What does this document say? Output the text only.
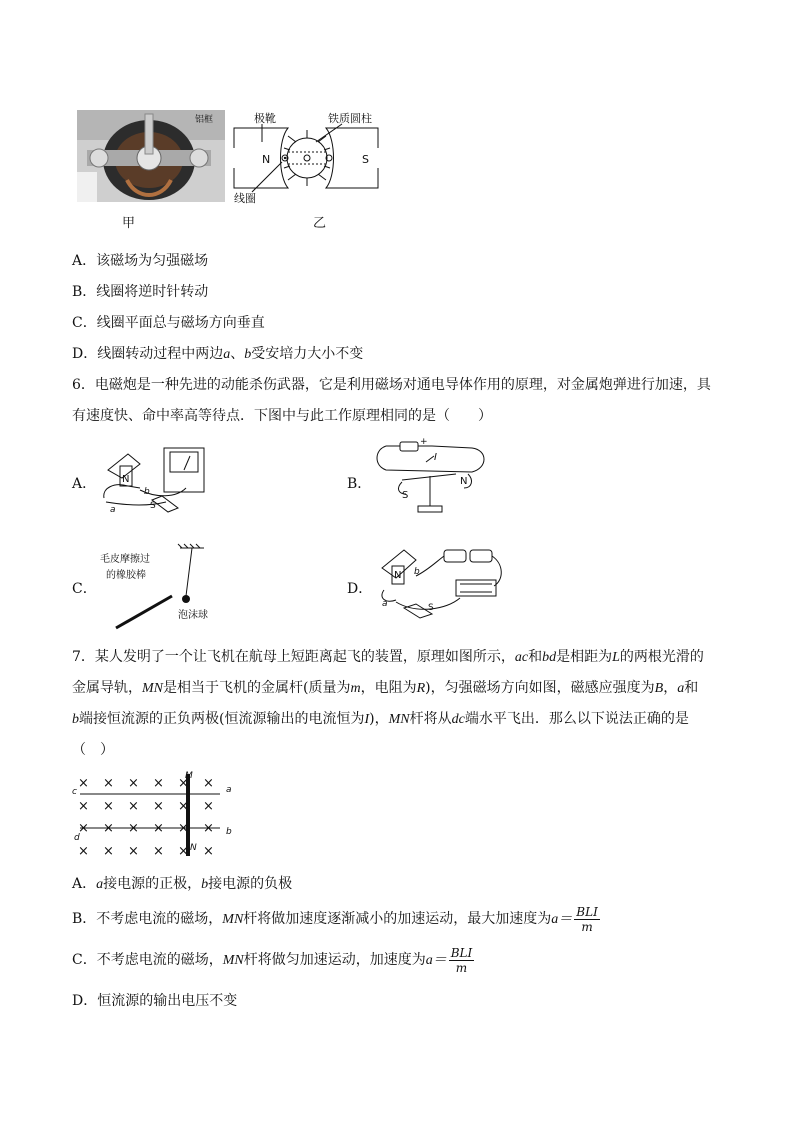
铝框
甲
极靴	铁质圆柱
线圈
N	S
乙
A．该磁场为匀强磁场
B．线圈将逆时针转动
C．线圈平面总与磁场方向垂直
D．线圈转动过程中两边a、b受安培力大小不变
6．电磁炮是一种先进的动能杀伤武器，它是利用磁场对通电导体作用的原理，对金属炮弹进行加速，具
有速度快、命中率高等待点．下图中与此工作原理相同的是（　　）
A．	N
b
a	S
B．
+
I
S
N
C．
毛皮摩擦过
的橡胶棒
泡沫球
D．
N b
a	S
7．某人发明了一个让飞机在航母上短距离起飞的装置，原理如图所示，ac和bd是相距为L的两根光滑的
金属导轨，MN是相当于飞机的金属杆(质量为m，电阻为R)，匀强磁场方向如图，磁感应强度为B，a和
b端接恒流源的正负两极(恒流源输出的电流恒为I)，MN杆将从dc端水平飞出．那么以下说法正确的是
（　）
× × × × × ×
× × × × × ×
× × × × × ×
× × × × × ×
c	a
d
b
M
N
A．a接电源的正极，b接电源的负极
B．不考虑电流的磁场，MN杆将做加速度逐渐减小的加速运动，最大加速度为$a= \frac{\text{BLI}}{m}$
C．不考虑电流的磁场，MN杆将做匀加速运动，加速度为$a= \frac{\text{BLI}}{m}$
D．恒流源的输出电压不变
